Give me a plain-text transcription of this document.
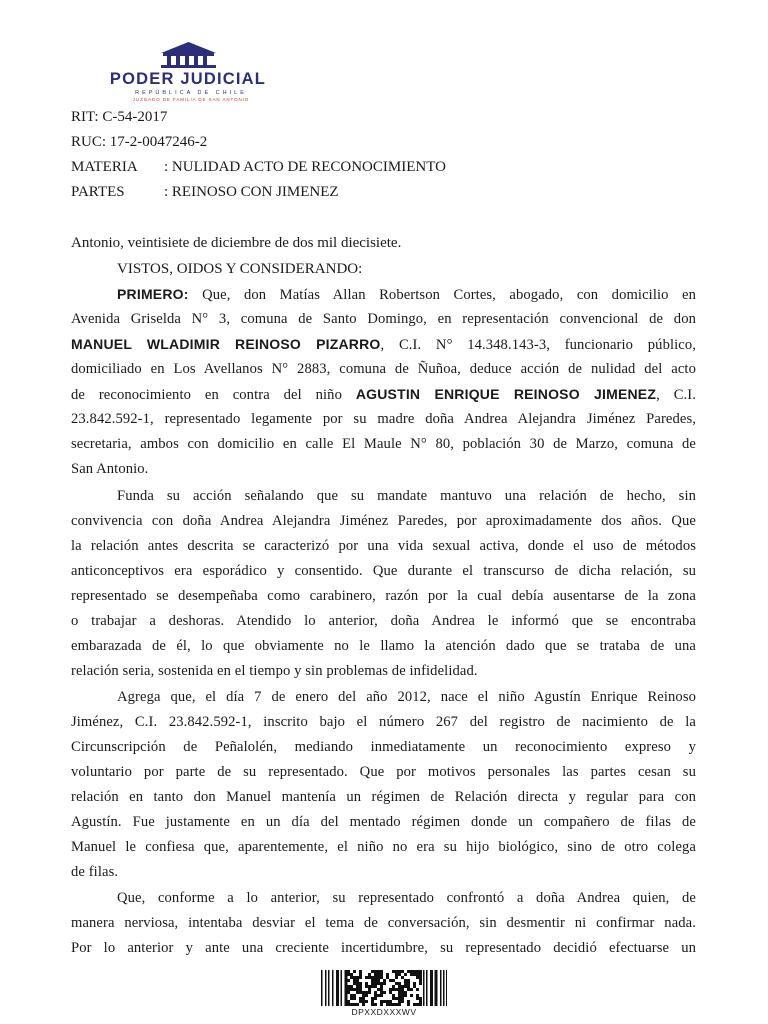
PODER JUDICIAL
REPÚBLICA DE CHILE
JUZGADO DE FAMILIA DE SAN ANTONIO
RIT: C-54-2017
RUC: 17-2-0047246-2
MATERIA : NULIDAD ACTO DE RECONOCIMIENTO
PARTES	: REINOSO CON JIMENEZ
Antonio, veintisiete de diciembre de dos mil diecisiete.
VISTOS, OIDOS Y CONSIDERANDO:
PRIMERO: Que, don Matías Allan Robertson Cortes, abogado, con domicilio en
Avenida Griselda N° 3, comuna de Santo Domingo, en representación convencional de don
MANUEL WLADIMIR REINOSO PIZARRO, C.I. N° 14.348.143-3, funcionario público,
domiciliado en Los Avellanos N° 2883, comuna de Ñuñoa, deduce acción de nulidad del acto
de reconocimiento en contra del niño AGUSTIN ENRIQUE REINOSO JIMENEZ, C.I.
23.842.592-1, representado legamente por su madre doña Andrea Alejandra Jiménez Paredes,
secretaria, ambos con domicilio en calle El Maule N° 80, población 30 de Marzo, comuna de
San Antonio.
Funda su acción señalando que su mandate mantuvo una relación de hecho, sin
convivencia con doña Andrea Alejandra Jiménez Paredes, por aproximadamente dos años. Que
la relación antes descrita se caracterizó por una vida sexual activa, donde el uso de métodos
anticonceptivos era esporádico y consentido. Que durante el transcurso de dicha relación, su
representado se desempeñaba como carabinero, razón por la cual debía ausentarse de la zona
o trabajar a deshoras. Atendido lo anterior, doña Andrea le informó que se encontraba
embarazada de él, lo que obviamente no le llamo la atención dado que se trataba de una
relación seria, sostenida en el tiempo y sin problemas de infidelidad.
Agrega que, el día 7 de enero del año 2012, nace el niño Agustín Enrique Reinoso
Jiménez, C.I. 23.842.592-1, inscrito bajo el número 267 del registro de nacimiento de la
Circunscripción de Peñalolén, mediando inmediatamente un reconocimiento expreso y
voluntario por parte de su representado. Que por motivos personales las partes cesan su
relación en tanto don Manuel mantenía un régimen de Relación directa y regular para con
Agustín. Fue justamente en un día del mentado régimen donde un compañero de filas de
Manuel le confiesa que, aparentemente, el niño no era su hijo biológico, sino de otro colega
de filas.
Que, conforme a lo anterior, su representado confrontó a doña Andrea quien, de
manera nerviosa, intentaba desviar el tema de conversación, sin desmentir ni confirmar nada.
Por lo anterior y ante una creciente incertidumbre, su representado decidió efectuarse un
DPXXDXXXWV
